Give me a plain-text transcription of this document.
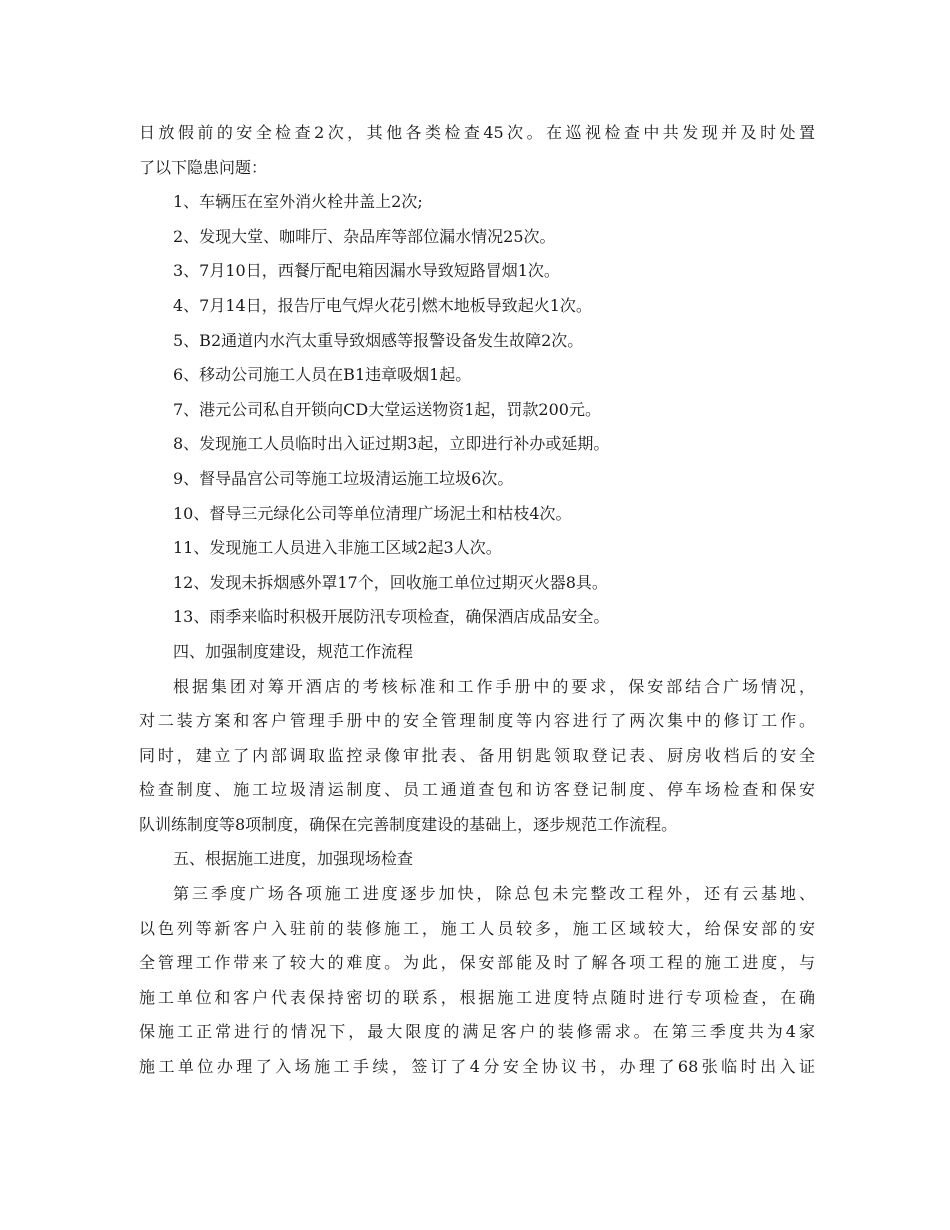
日放假前的安全检查2次，其他各类检查45次。在巡视检查中共发现并及时处置
了以下隐患问题：
1、车辆压在室外消火栓井盖上2次;
2、发现大堂、咖啡厅、杂品库等部位漏水情况25次。
3、7月10日，西餐厅配电箱因漏水导致短路冒烟1次。
4、7月14日，报告厅电气焊火花引燃木地板导致起火1次。
5、B2通道内水汽太重导致烟感等报警设备发生故障2次。
6、移动公司施工人员在B1违章吸烟1起。
7、港元公司私自开锁向CD大堂运送物资1起，罚款200元。
8、发现施工人员临时出入证过期3起，立即进行补办或延期。
9、督导晶宫公司等施工垃圾清运施工垃圾6次。
10、督导三元绿化公司等单位清理广场泥土和枯枝4次。
11、发现施工人员进入非施工区域2起3人次。
12、发现未拆烟感外罩17个，回收施工单位过期灭火器8具。
13、雨季来临时积极开展防汛专项检查，确保酒店成品安全。
四、加强制度建设，规范工作流程
根据集团对筹开酒店的考核标准和工作手册中的要求，保安部结合广场情况，
对二装方案和客户管理手册中的安全管理制度等内容进行了两次集中的修订工作。
同时，建立了内部调取监控录像审批表、备用钥匙领取登记表、厨房收档后的安全
检查制度、施工垃圾清运制度、员工通道查包和访客登记制度、停车场检查和保安
队训练制度等8项制度，确保在完善制度建设的基础上，逐步规范工作流程。
五、根据施工进度，加强现场检查
第三季度广场各项施工进度逐步加快，除总包未完整改工程外，还有云基地、
以色列等新客户入驻前的装修施工，施工人员较多，施工区域较大，给保安部的安
全管理工作带来了较大的难度。为此，保安部能及时了解各项工程的施工进度，与
施工单位和客户代表保持密切的联系，根据施工进度特点随时进行专项检查，在确
保施工正常进行的情况下，最大限度的满足客户的装修需求。在第三季度共为4家
施工单位办理了入场施工手续，签订了4分安全协议书，办理了68张临时出入证
